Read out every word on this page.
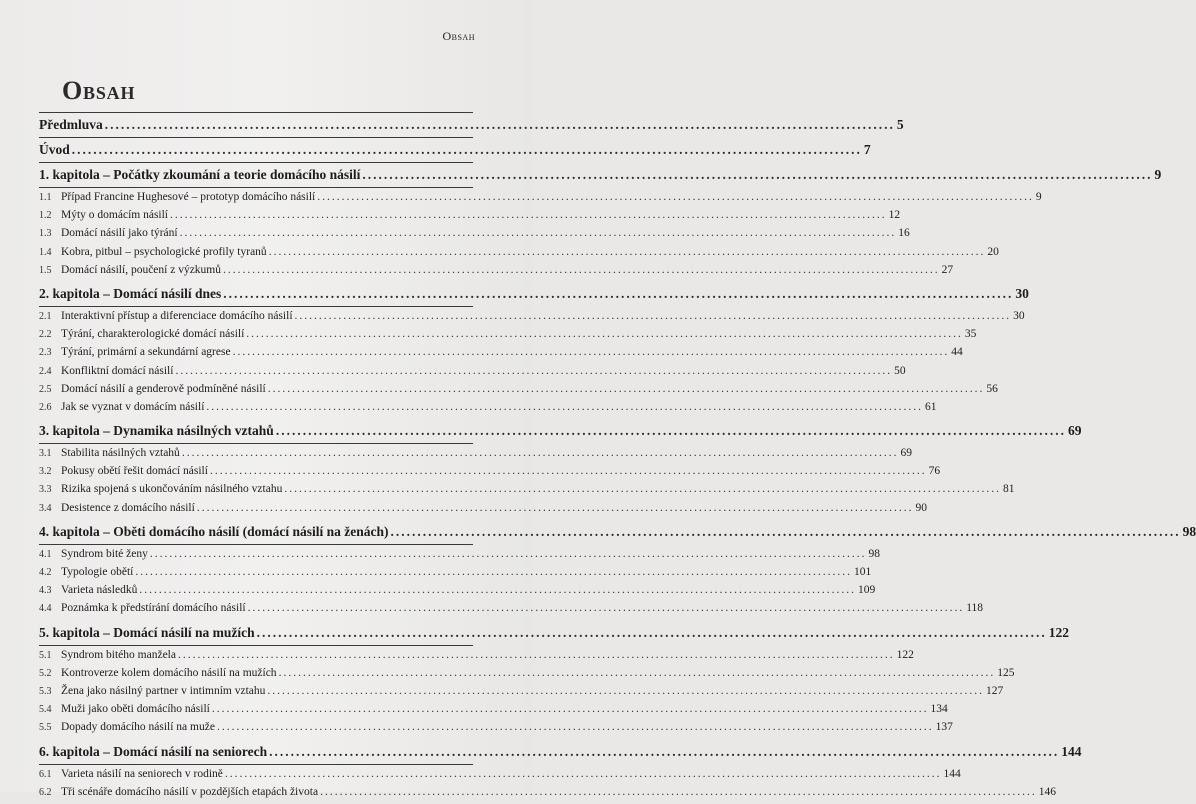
Obsah
Obsah
Předmluva .....	5
Úvod .....	7
1. kapitola – Počátky zkoumání a teorie domácího násilí .....	9
1.1 Případ Francine Hughesové – prototyp domácího násilí .....	9
1.2 Mýty o domácím násilí .....	12
1.3 Domácí násilí jako týrání .....	16
1.4 Kobra, pitbul – psychologické profily tyranů .....	20
1.5 Domácí násilí, poučení z výzkumů .....	27
2. kapitola – Domácí násilí dnes .....	30
2.1 Interaktivní přístup a diferenciace domácího násilí .....	30
2.2 Týrání, charakterologické domácí násilí .....	35
2.3 Týrání, primární a sekundární agrese .....	44
2.4 Konfliktní domácí násilí .....	50
2.5 Domácí násilí a genderově podmíněné násilí .....	56
2.6 Jak se vyznat v domácím násilí .....	61
3. kapitola – Dynamika násilných vztahů .....	69
3.1 Stabilita násilných vztahů .....	69
3.2 Pokusy obětí řešit domácí násilí .....	76
3.3 Rizika spojená s ukončováním násilného vztahu .....	81
3.4 Desistence z domácího násilí .....	90
4. kapitola – Oběti domácího násilí (domácí násilí na ženách) .....	98
4.1 Syndrom bité ženy .....	98
4.2 Typologie obětí .....	101
4.3 Varieta následků .....	109
4.4 Poznámka k předstírání domácího násilí .....	118
5. kapitola – Domácí násilí na mužích .....	122
5.1 Syndrom bitého manžela .....	122
5.2 Kontroverze kolem domácího násilí na mužích .....	125
5.3 Žena jako násilný partner v intimním vztahu .....	127
5.4 Muži jako oběti domácího násilí .....	134
5.5 Dopady domácího násilí na muže .....	137
6. kapitola – Domácí násilí na seniorech .....	144
6.1 Varieta násilí na seniorech v rodině .....	144
6.2 Tři scénáře domácího násilí v pozdějších etapách života .....	146
